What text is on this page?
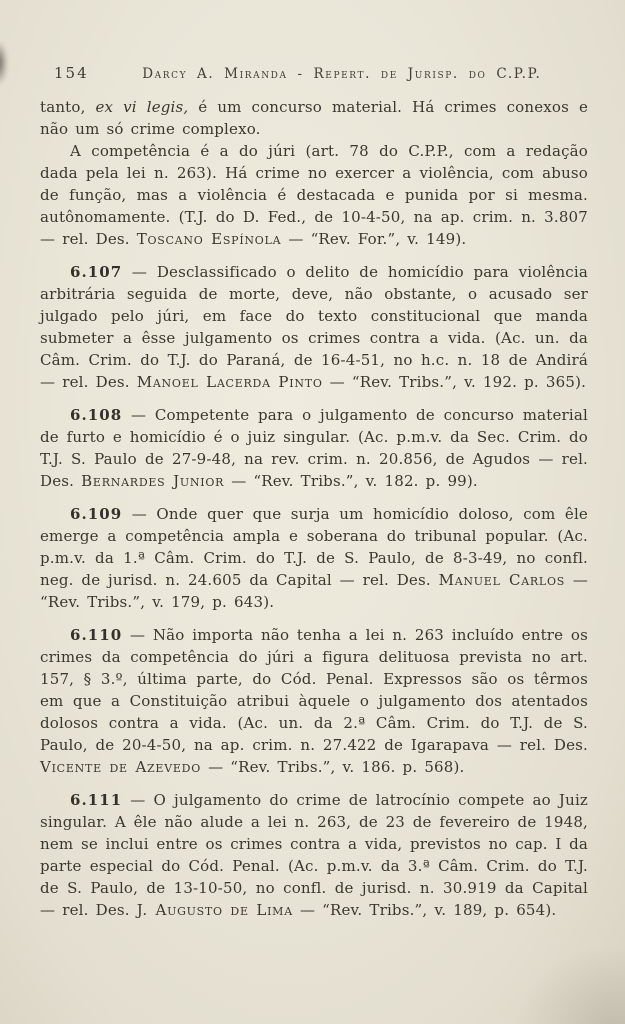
154	Darcy A. Miranda - Repert. de Jurisp. do C.P.P.

tanto, ex vi legis, é um concurso material. Há crimes conexos e não um só crime complexo.

A competência é a do júri (art. 78 do C.P.P., com a redação dada pela lei n. 263). Há crime no exercer a violência, com abuso de função, mas a violência é destacada e punida por si mesma. autônomamente. (T.J. do D. Fed., de 10-4-50, na ap. crim. n. 3.807 — rel. Des. Toscano Espínola — “Rev. For.”, v. 149).

6.107 — Desclassificado o delito de homicídio para violência arbitrária seguida de morte, deve, não obstante, o acusado ser julgado pelo júri, em face do texto constitucional que manda submeter a êsse julgamento os crimes contra a vida. (Ac. un. da Câm. Crim. do T.J. do Paraná, de 16-4-51, no h.c. n. 18 de Andirá — rel. Des. Manoel Lacerda Pinto — “Rev. Tribs.”, v. 192. p. 365).

6.108 — Competente para o julgamento de concurso material de furto e homicídio é o juiz singular. (Ac. p.m.v. da Sec. Crim. do T.J. S. Paulo de 27-9-48, na rev. crim. n. 20.856, de Agudos — rel. Des. Bernardes Junior — “Rev. Tribs.”, v. 182. p. 99).

6.109 — Onde quer que surja um homicídio doloso, com êle emerge a competência ampla e soberana do tribunal popular. (Ac. p.m.v. da 1.ª Câm. Crim. do T.J. de S. Paulo, de 8-3-49, no confl. neg. de jurisd. n. 24.605 da Capital — rel. Des. Manuel Carlos — “Rev. Tribs.”, v. 179, p. 643).

6.110 — Não importa não tenha a lei n. 263 incluído entre os crimes da competência do júri a figura delituosa prevista no art. 157, § 3.º, última parte, do Cód. Penal. Expressos são os têrmos em que a Constituição atribui àquele o julgamento dos atentados dolosos contra a vida. (Ac. un. da 2.ª Câm. Crim. do T.J. de S. Paulo, de 20-4-50, na ap. crim. n. 27.422 de Igarapava — rel. Des. Vicente de Azevedo — “Rev. Tribs.”, v. 186. p. 568).

6.111 — O julgamento do crime de latrocínio compete ao Juiz singular. A êle não alude a lei n. 263, de 23 de fevereiro de 1948, nem se inclui entre os crimes contra a vida, previstos no cap. I da parte especial do Cód. Penal. (Ac. p.m.v. da 3.ª Câm. Crim. do T.J. de S. Paulo, de 13-10-50, no confl. de jurisd. n. 30.919 da Capital — rel. Des. J. Augusto de Lima — “Rev. Tribs.”, v. 189, p. 654).
